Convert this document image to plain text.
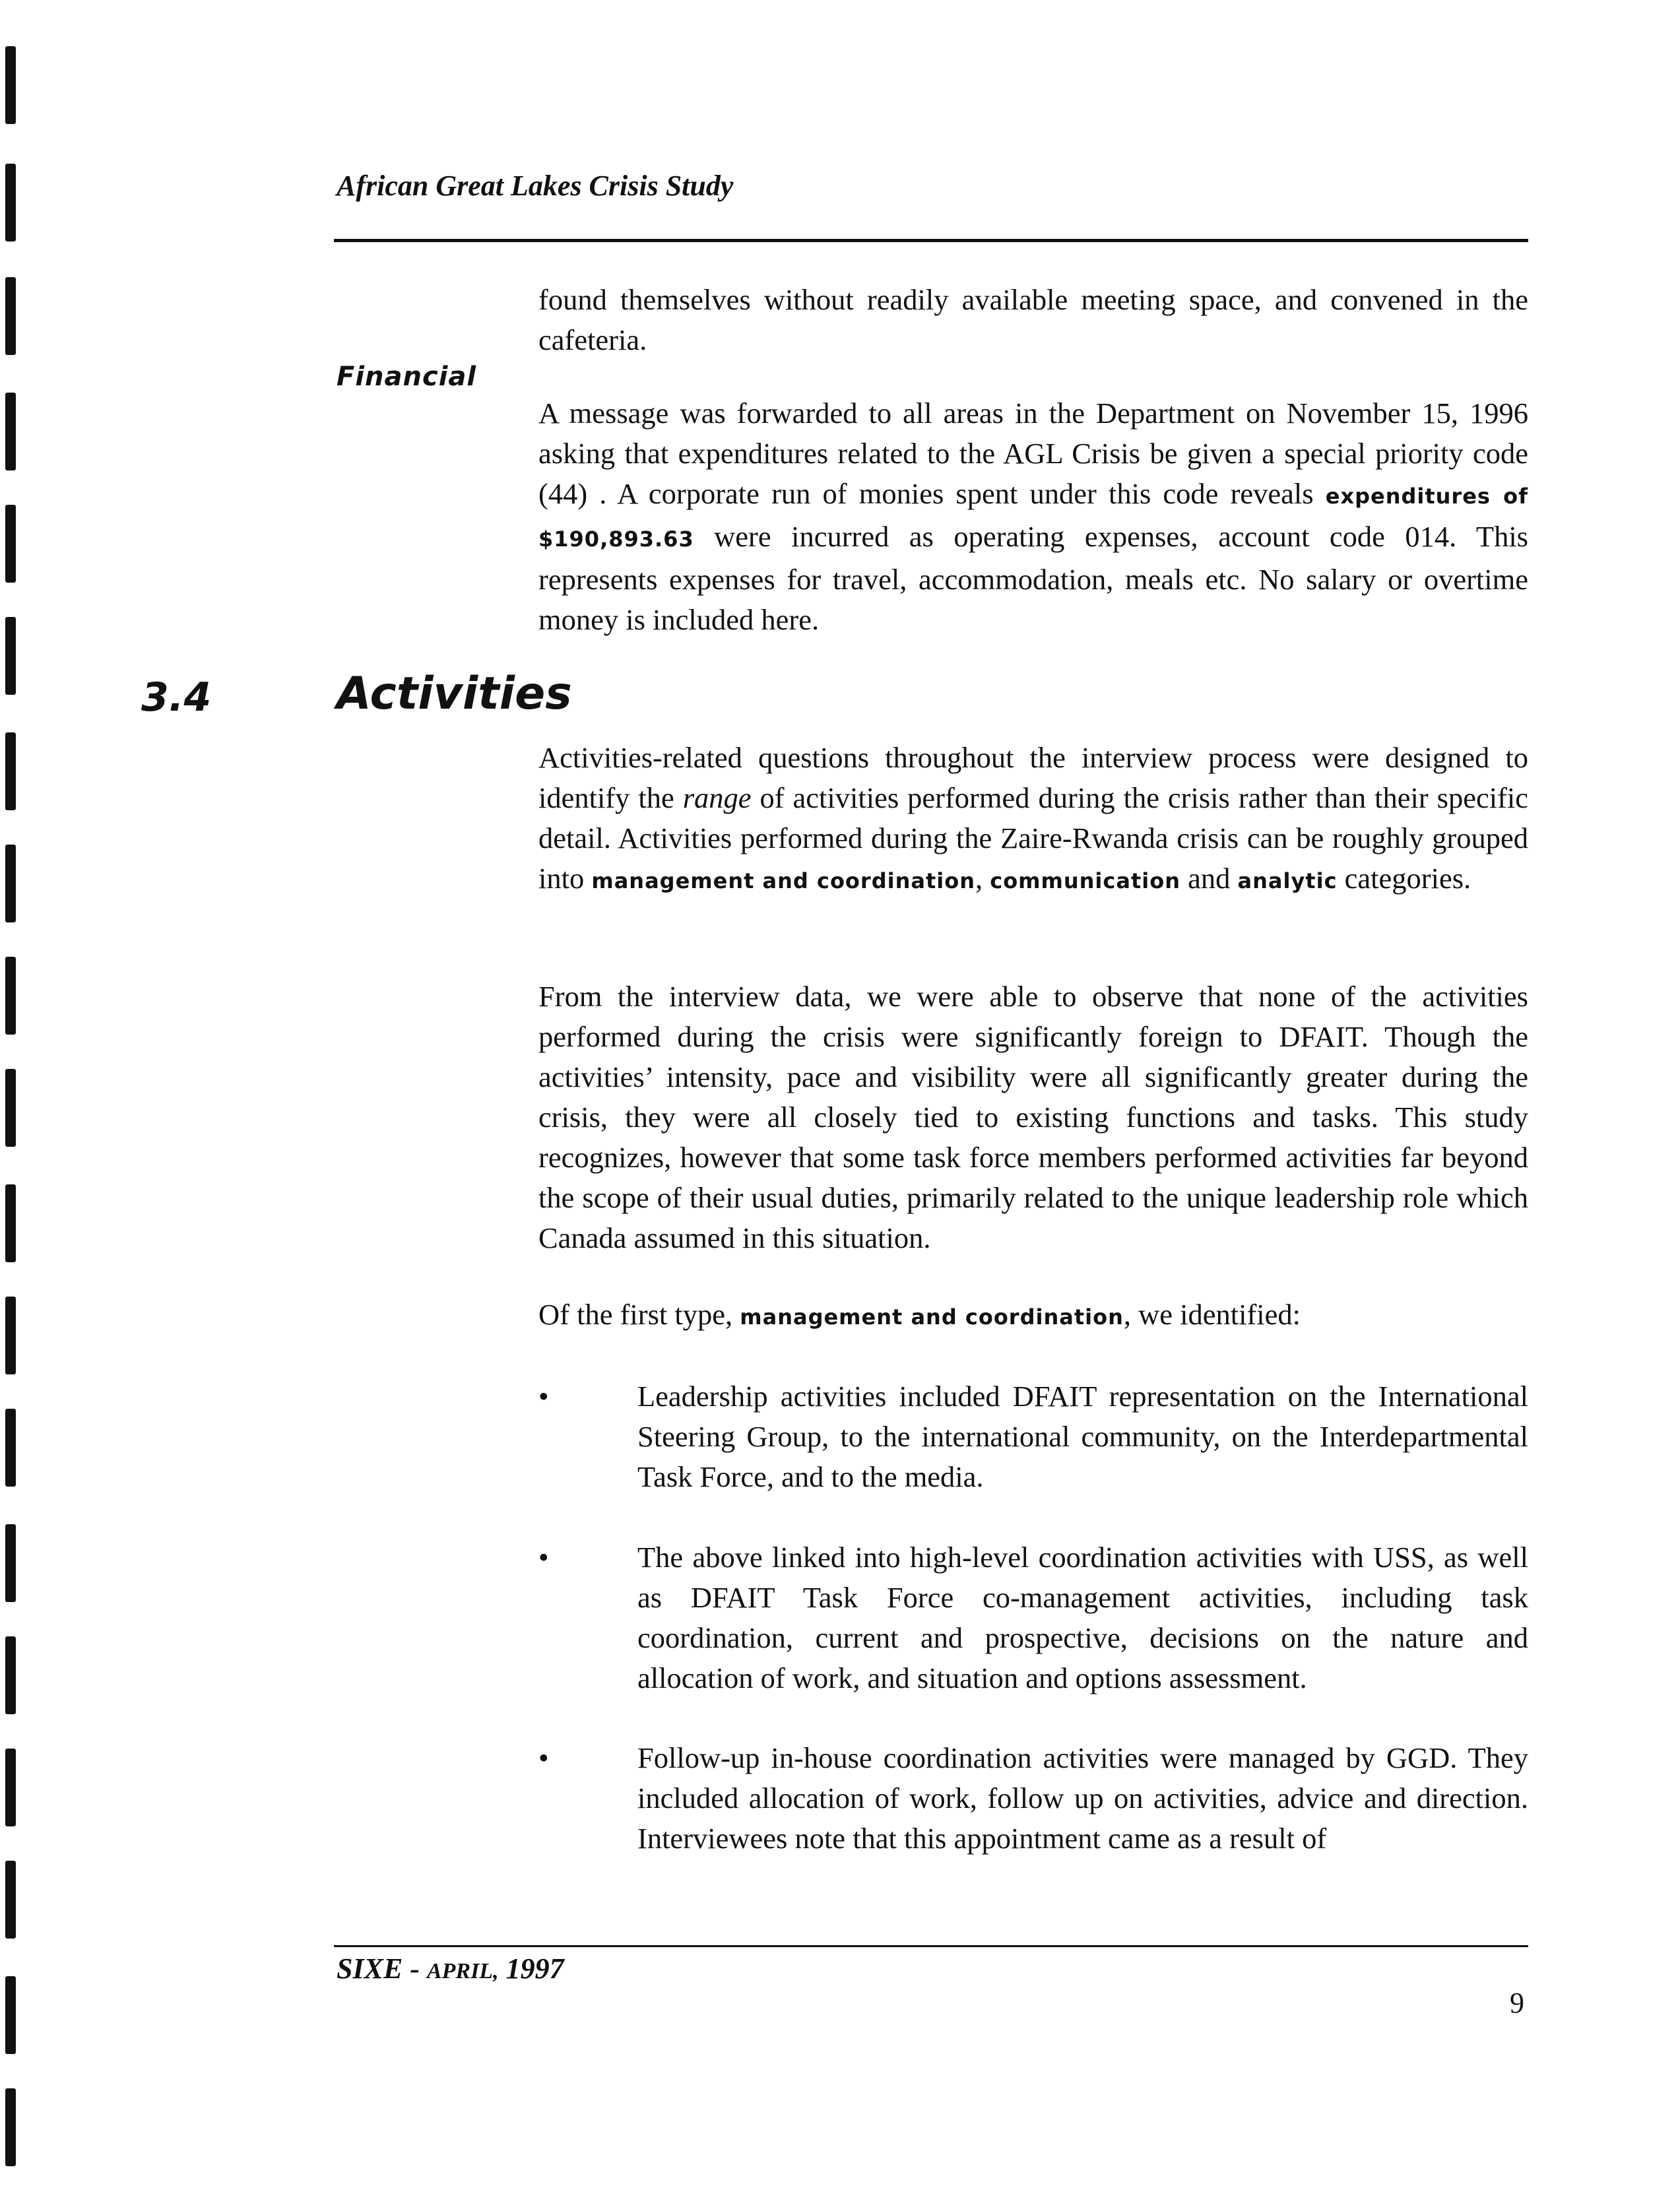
African Great Lakes Crisis Study
found themselves without readily available meeting space, and convened in the cafeteria.
Financial
A message was forwarded to all areas in the Department on November 15, 1996 asking that expenditures related to the AGL Crisis be given a special priority code (44) . A corporate run of monies spent under this code reveals expenditures of $190,893.63 were incurred as operating expenses, account code 014. This represents expenses for travel, accommodation, meals etc. No salary or overtime money is included here.
3.4	Activities
Activities-related questions throughout the interview process were designed to identify the range of activities performed during the crisis rather than their specific detail. Activities performed during the Zaire-Rwanda crisis can be roughly grouped into management and coordination, communication and analytic categories.
From the interview data, we were able to observe that none of the activities performed during the crisis were significantly foreign to DFAIT. Though the activities’ intensity, pace and visibility were all significantly greater during the crisis, they were all closely tied to existing functions and tasks. This study recognizes, however that some task force members performed activities far beyond the scope of their usual duties, primarily related to the unique leadership role which Canada assumed in this situation.
Of the first type, management and coordination, we identified:
•	Leadership activities included DFAIT representation on the International Steering Group, to the international community, on the Interdepartmental Task Force, and to the media.
•	The above linked into high-level coordination activities with USS, as well as DFAIT Task Force co-management activities, including task coordination, current and prospective, decisions on the nature and allocation of work, and situation and options assessment.
•	Follow-up in-house coordination activities were managed by GGD. They included allocation of work, follow up on activities, advice and direction. Interviewees note that this appointment came as a result of
SIXE - APRIL, 1997
9
